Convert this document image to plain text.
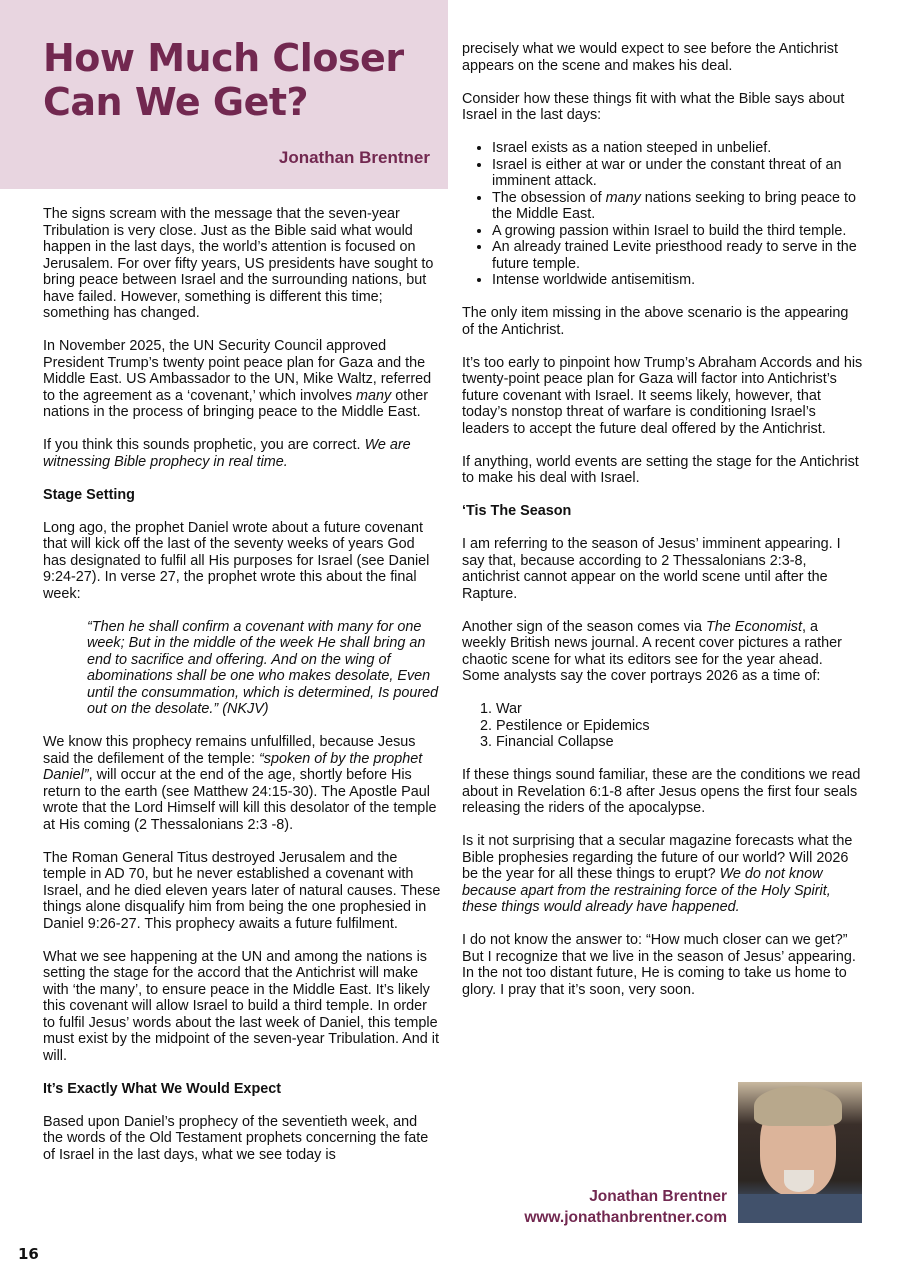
How Much Closer
Can We Get?
Jonathan Brentner

The signs scream with the message that the seven-year Tribulation is very close. Just as the Bible said what would happen in the last days, the world’s attention is focused on Jerusalem. For over fifty years, US presidents have sought to bring peace between Israel and the surrounding nations, but have failed. However, something is different this time; something has changed.

In November 2025, the UN Security Council approved President Trump’s twenty point peace plan for Gaza and the Middle East. US Ambassador to the UN, Mike Waltz, referred to the agreement as a ‘covenant,’ which involves many other nations in the process of bringing peace to the Middle East.

If you think this sounds prophetic, you are correct. We are witnessing Bible prophecy in real time.

Stage Setting

Long ago, the prophet Daniel wrote about a future covenant that will kick off the last of the seventy weeks of years God has designated to fulfil all His purposes for Israel (see Daniel 9:24-27). In verse 27, the prophet wrote this about the final week:

“Then he shall confirm a covenant with many for one week; But in the middle of the week He shall bring an end to sacrifice and offering. And on the wing of abominations shall be one who makes desolate, Even until the consummation, which is determined, Is poured out on the desolate.” (NKJV)

We know this prophecy remains unfulfilled, because Jesus said the defilement of the temple: “spoken of by the prophet Daniel”, will occur at the end of the age, shortly before His return to the earth (see Matthew 24:15-30). The Apostle Paul wrote that the Lord Himself will kill this desolator of the temple at His coming (2 Thessalonians 2:3 -8).

The Roman General Titus destroyed Jerusalem and the temple in AD 70, but he never established a covenant with Israel, and he died eleven years later of natural causes. These things alone disqualify him from being the one prophesied in Daniel 9:26-27. This prophecy awaits a future fulfilment.

What we see happening at the UN and among the nations is setting the stage for the accord that the Antichrist will make with ‘the many’, to ensure peace in the Middle East. It’s likely this covenant will allow Israel to build a third temple. In order to fulfil Jesus’ words about the last week of Daniel, this temple must exist by the midpoint of the seven-year Tribulation. And it will.

It’s Exactly What We Would Expect

Based upon Daniel’s prophecy of the seventieth week, and the words of the Old Testament prophets concerning the fate of Israel in the last days, what we see today is

precisely what we would expect to see before the Antichrist appears on the scene and makes his deal.

Consider how these things fit with what the Bible says about Israel in the last days:

• Israel exists as a nation steeped in unbelief.
• Israel is either at war or under the constant threat of an imminent attack.
• The obsession of many nations seeking to bring peace to the Middle East.
• A growing passion within Israel to build the third temple.
• An already trained Levite priesthood ready to serve in the future temple.
• Intense worldwide antisemitism.

The only item missing in the above scenario is the appearing of the Antichrist.

It’s too early to pinpoint how Trump’s Abraham Accords and his twenty-point peace plan for Gaza will factor into Antichrist’s future covenant with Israel. It seems likely, however, that today’s nonstop threat of warfare is conditioning Israel’s leaders to accept the future deal offered by the Antichrist.

If anything, world events are setting the stage for the Antichrist to make his deal with Israel.

‘Tis The Season

I am referring to the season of Jesus’ imminent appearing. I say that, because according to 2 Thessalonians 2:3-8, antichrist cannot appear on the world scene until after the Rapture.

Another sign of the season comes via The Economist, a weekly British news journal. A recent cover pictures a rather chaotic scene for what its editors see for the year ahead. Some analysts say the cover portrays 2026 as a time of:

1. War
2. Pestilence or Epidemics
3. Financial Collapse

If these things sound familiar, these are the conditions we read about in Revelation 6:1-8 after Jesus opens the first four seals releasing the riders of the apocalypse.

Is it not surprising that a secular magazine forecasts what the Bible prophesies regarding the future of our world? Will 2026 be the year for all these things to erupt? We do not know because apart from the restraining force of the Holy Spirit, these things would already have happened.

I do not know the answer to: “How much closer can we get?” But I recognize that we live in the season of Jesus’ appearing. In the not too distant future, He is coming to take us home to glory. I pray that it’s soon, very soon.

Jonathan Brentner
www.jonathanbrentner.com
16
